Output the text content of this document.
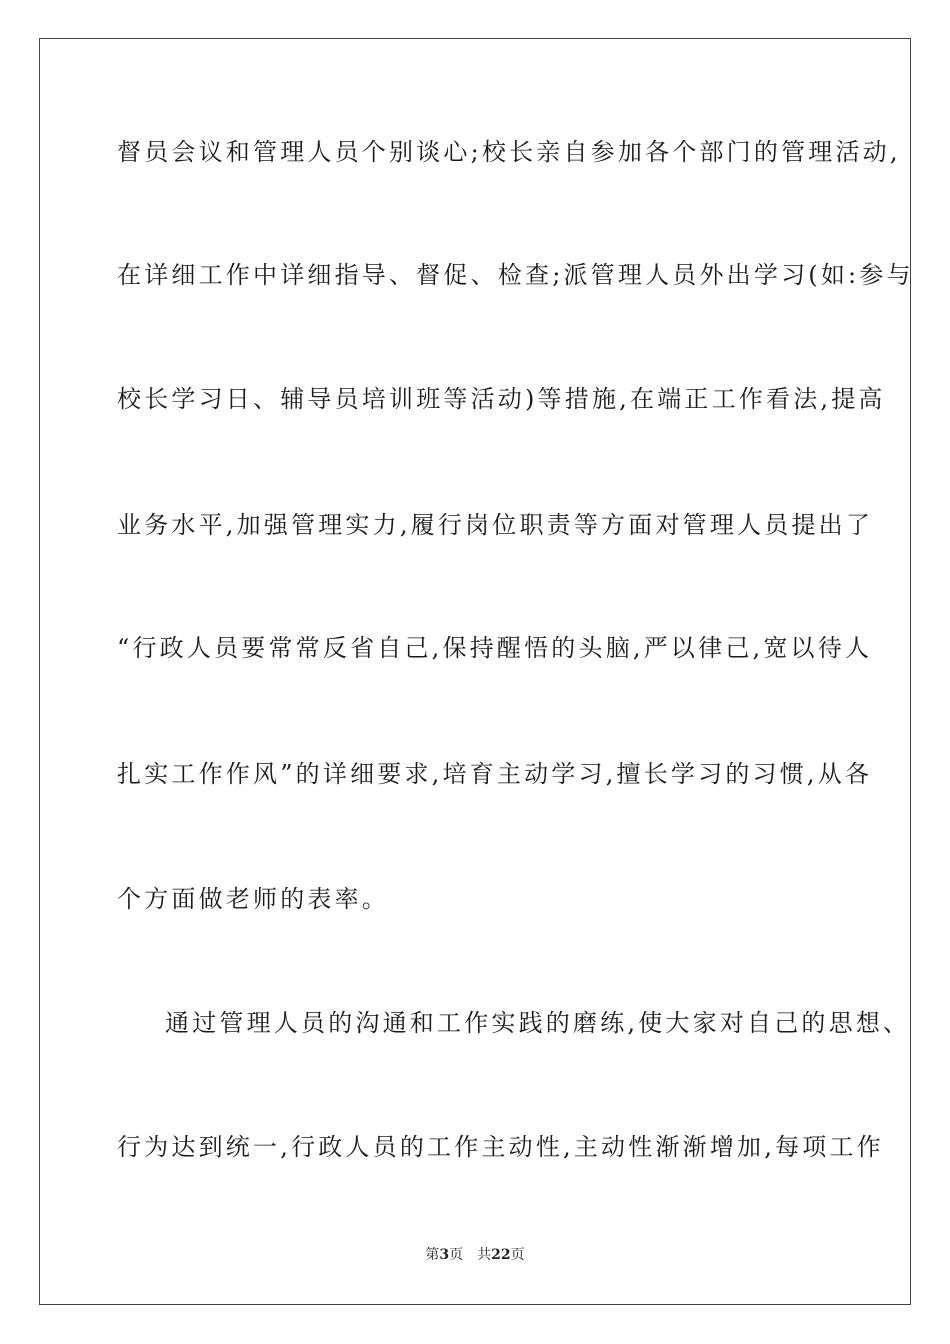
督员会议和管理人员个别谈心;校长亲自参加各个部门的管理活动,
在详细工作中详细指导、督促、检查;派管理人员外出学习(如:参与
校长学习日、辅导员培训班等活动)等措施,在端正工作看法,提高
业务水平,加强管理实力,履行岗位职责等方面对管理人员提出了
“行政人员要常常反省自己,保持醒悟的头脑,严以律己,宽以待人
扎实工作作风”的详细要求,培育主动学习,擅长学习的习惯,从各
个方面做老师的表率。
通过管理人员的沟通和工作实践的磨练,使大家对自己的思想、
行为达到统一,行政人员的工作主动性,主动性渐渐增加,每项工作
第3页 共22页
